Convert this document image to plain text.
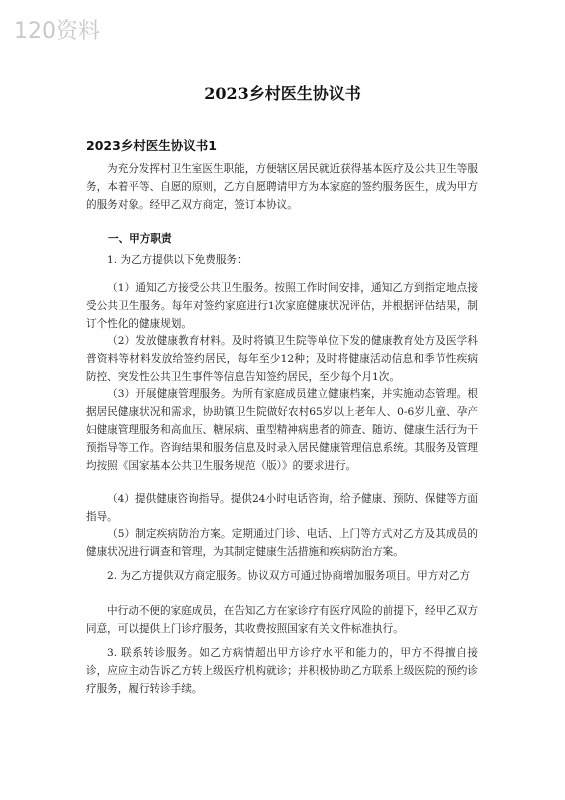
120资料
2023乡村医生协议书
2023乡村医生协议书1
为充分发挥村卫生室医生职能，方便辖区居民就近获得基本医疗及公共卫生等服务，本着平等、自愿的原则，乙方自愿聘请甲方为本家庭的签约服务医生，成为甲方的服务对象。经甲乙双方商定，签订本协议。
一、甲方职责
1. 为乙方提供以下免费服务：
（1）通知乙方接受公共卫生服务。按照工作时间安排，通知乙方到指定地点接受公共卫生服务。每年对签约家庭进行1次家庭健康状况评估，并根据评估结果，制订个性化的健康规划。
（2）发放健康教育材料。及时将镇卫生院等单位下发的健康教育处方及医学科普资料等材料发放给签约居民，每年至少12种；及时将健康活动信息和季节性疾病防控、突发性公共卫生事件等信息告知签约居民，至少每个月1次。
（3）开展健康管理服务。为所有家庭成员建立健康档案，并实施动态管理。根据居民健康状况和需求，协助镇卫生院做好农村65岁以上老年人、0-6岁儿童、孕产妇健康管理服务和高血压、糖尿病、重型精神病患者的筛查、随访、健康生活行为干预指导等工作。咨询结果和服务信息及时录入居民健康管理信息系统。其服务及管理均按照《国家基本公共卫生服务规范（版）》的要求进行。
（4）提供健康咨询指导。提供24小时电话咨询，给予健康、预防、保健等方面指导。
（5）制定疾病防治方案。定期通过门诊、电话、上门等方式对乙方及其成员的健康状况进行调查和管理，为其制定健康生活措施和疾病防治方案。
2. 为乙方提供双方商定服务。协议双方可通过协商增加服务项目。甲方对乙方
中行动不便的家庭成员，在告知乙方在家诊疗有医疗风险的前提下，经甲乙双方同意，可以提供上门诊疗服务，其收费按照国家有关文件标准执行。
3. 联系转诊服务。如乙方病情超出甲方诊疗水平和能力的，甲方不得擅自接诊，应应主动告诉乙方转上级医疗机构就诊；并积极协助乙方联系上级医院的预约诊疗服务，履行转诊手续。
